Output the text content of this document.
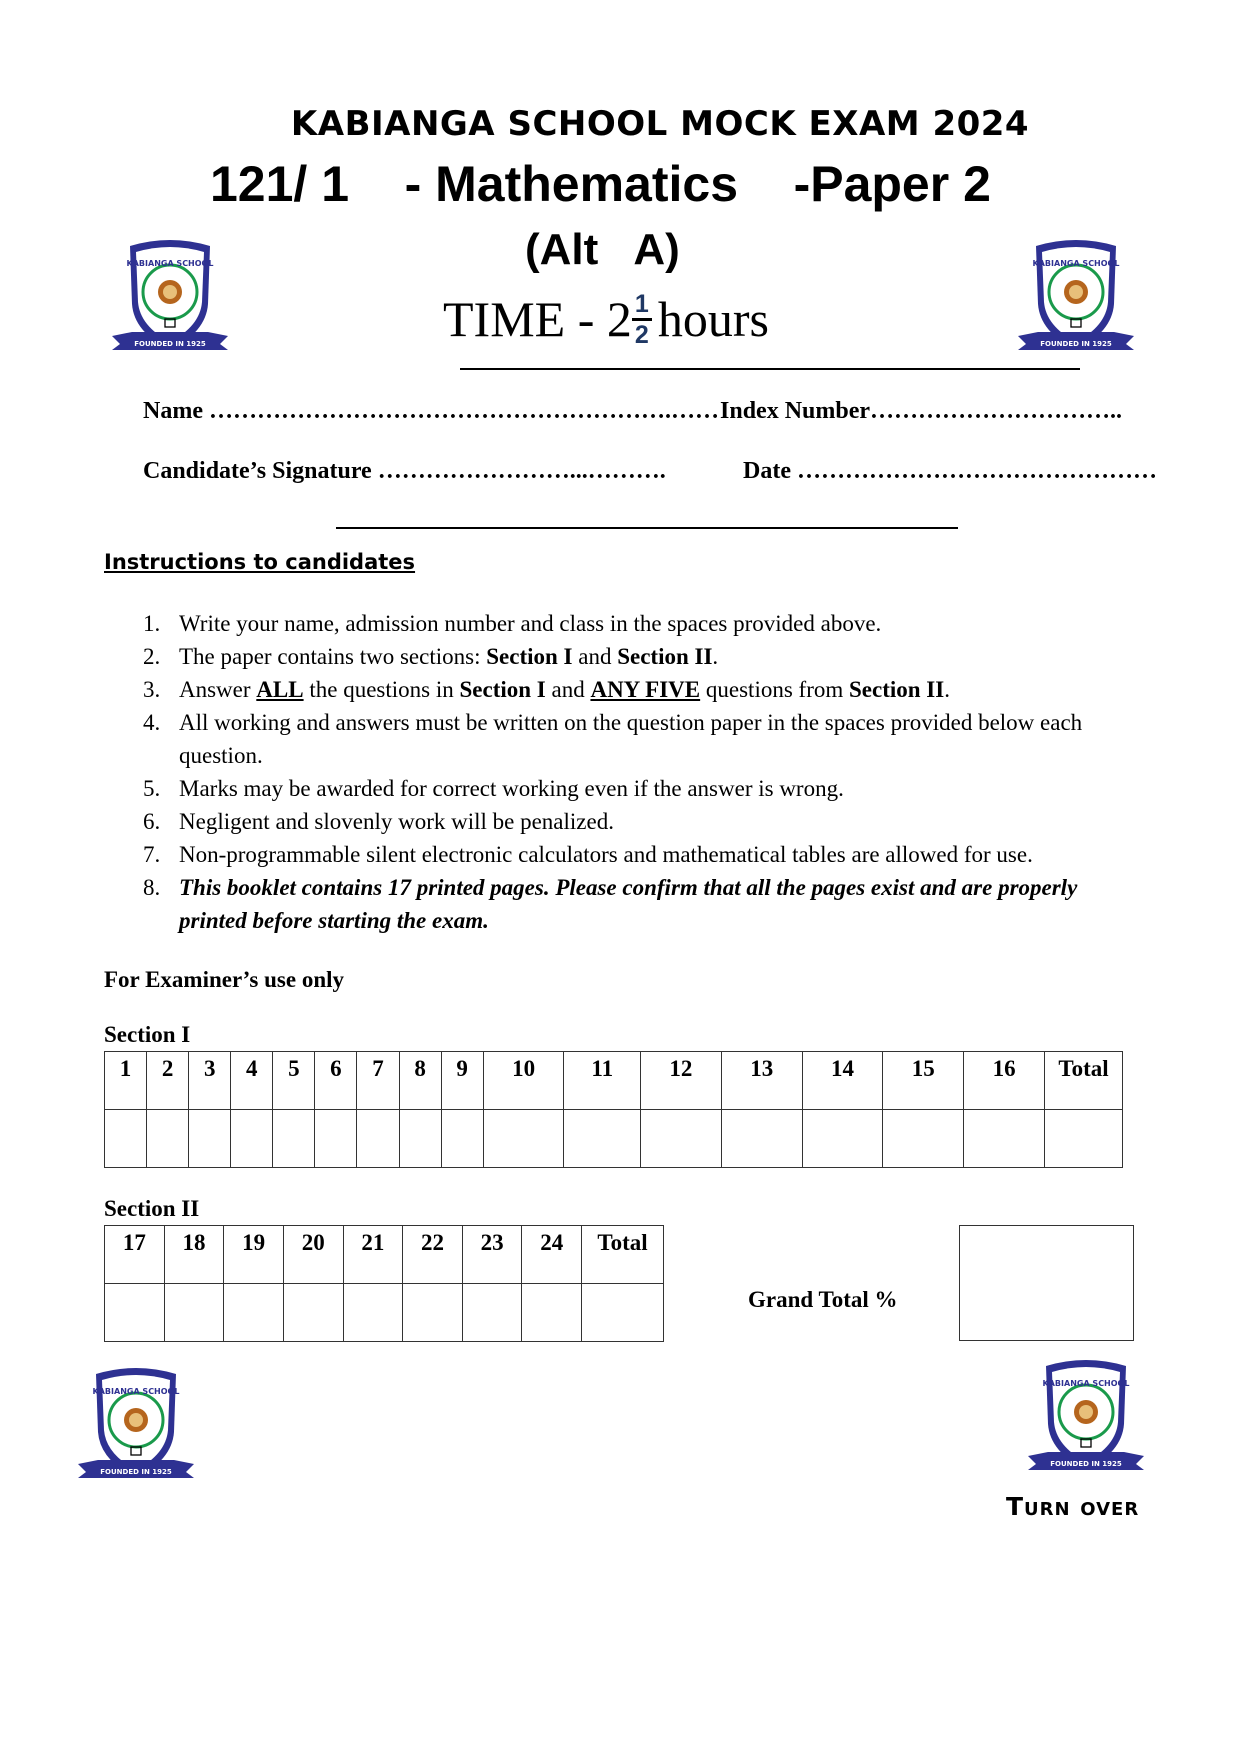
KABIANGA SCHOOL MOCK EXAM 2024
121/ 1    - Mathematics    -Paper 2
(Alt   A)
TIME - $2 \frac{1}{2}$ hours
FOUNDED IN 1925
KABIANGA SCHOOL
FOUNDED IN 1925
KABIANGA SCHOOL
FOUNDED IN 1925
KABIANGA SCHOOL
FOUNDED IN 1925
KABIANGA SCHOOL
Name ………………………………………………….…… Index Number…………………………..
Candidate’s Signature ……………………...……….	Date ………………………………………
Instructions to candidates
1. Write your name, admission number and class in the spaces provided above.
2. The paper contains two sections: Section I and Section II.
3. Answer ALL the questions in Section I and ANY FIVE questions from Section II.
4. All working and answers must be written on the question paper in the spaces provided below each question.
5. Marks may be awarded for correct working even if the answer is wrong.
6. Negligent and slovenly work will be penalized.
7. Non-programmable silent electronic calculators and mathematical tables are allowed for use.
8. This booklet contains 17 printed pages. Please confirm that all the pages exist and are properly printed before starting the exam.
For Examiner’s use only
Section I
1	2	3	4	5	6	7	8	9	10	11	12	13	14	15	16	Total

Section II
17	18	19	20	21	22	23	24	Total

Grand Total %
Turn over
